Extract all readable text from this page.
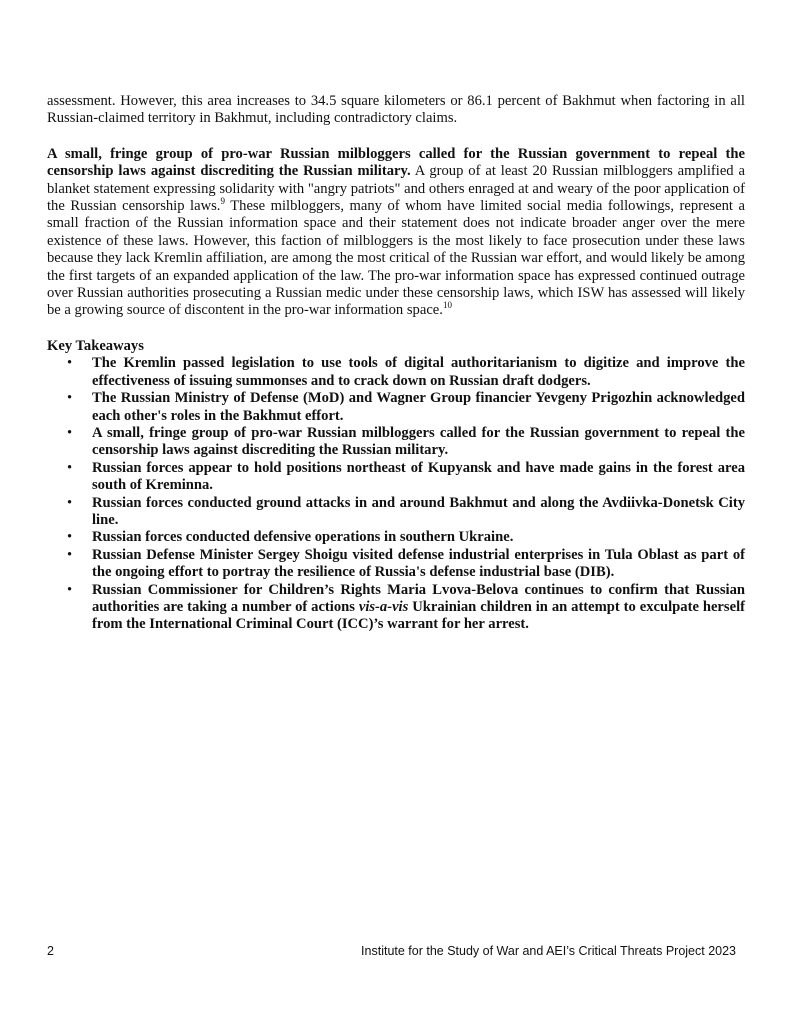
assessment. However, this area increases to 34.5 square kilometers or 86.1 percent of Bakhmut when factoring in all Russian-claimed territory in Bakhmut, including contradictory claims.

A small, fringe group of pro-war Russian milbloggers called for the Russian government to repeal the censorship laws against discrediting the Russian military. A group of at least 20 Russian milbloggers amplified a blanket statement expressing solidarity with "angry patriots" and others enraged at and weary of the poor application of the Russian censorship laws.$^9$ These milbloggers, many of whom have limited social media followings, represent a small fraction of the Russian information space and their statement does not indicate broader anger over the mere existence of these laws. However, this faction of milbloggers is the most likely to face prosecution under these laws because they lack Kremlin affiliation, are among the most critical of the Russian war effort, and would likely be among the first targets of an expanded application of the law. The pro-war information space has expressed continued outrage over Russian authorities prosecuting a Russian medic under these censorship laws, which ISW has assessed will likely be a growing source of discontent in the pro-war information space.$^{10}$

Key Takeaways

• The Kremlin passed legislation to use tools of digital authoritarianism to digitize and improve the effectiveness of issuing summonses and to crack down on Russian draft dodgers.
• The Russian Ministry of Defense (MoD) and Wagner Group financier Yevgeny Prigozhin acknowledged each other's roles in the Bakhmut effort.
• A small, fringe group of pro-war Russian milbloggers called for the Russian government to repeal the censorship laws against discrediting the Russian military.
• Russian forces appear to hold positions northeast of Kupyansk and have made gains in the forest area south of Kreminna.
• Russian forces conducted ground attacks in and around Bakhmut and along the Avdiivka-Donetsk City line.
• Russian forces conducted defensive operations in southern Ukraine.
• Russian Defense Minister Sergey Shoigu visited defense industrial enterprises in Tula Oblast as part of the ongoing effort to portray the resilience of Russia's defense industrial base (DIB).
• Russian Commissioner for Children’s Rights Maria Lvova-Belova continues to confirm that Russian authorities are taking a number of actions vis-a-vis Ukrainian children in an attempt to exculpate herself from the International Criminal Court (ICC)’s warrant for her arrest.
2	Institute for the Study of War and AEI’s Critical Threats Project 2023
